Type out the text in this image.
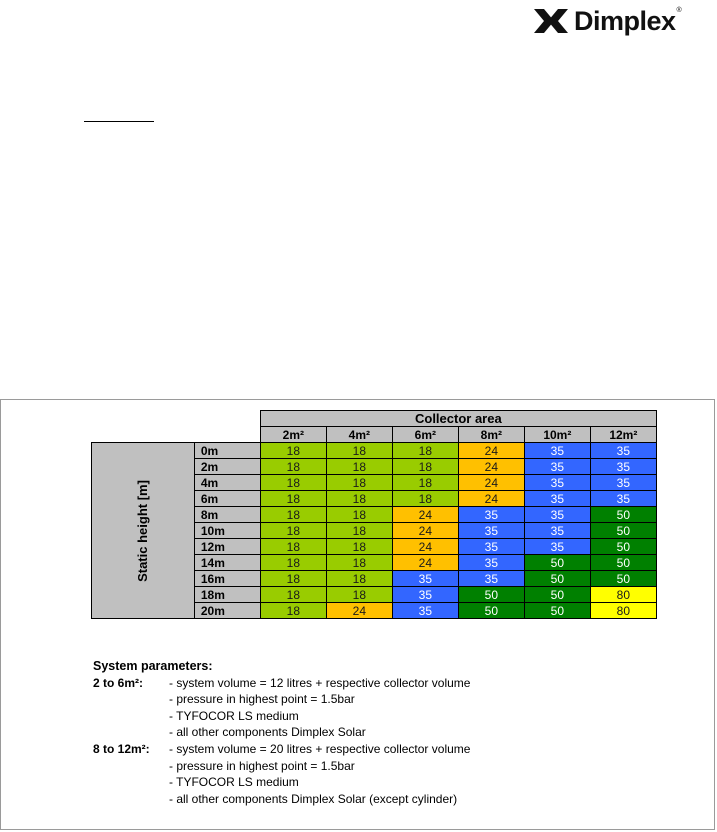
Dimplex ®
		Collector area					
		2m²	4m²	6m²	8m²	10m²	12m²
Static height [m]	0m	18	18	18	24	35	35
	2m	18	18	18	24	35	35
	4m	18	18	18	24	35	35
	6m	18	18	18	24	35	35
	8m	18	18	24	35	35	50
	10m	18	18	24	35	35	50
	12m	18	18	24	35	35	50
	14m	18	18	24	35	50	50
	16m	18	18	35	35	50	50
	18m	18	18	35	50	50	80
	20m	18	24	35	50	50	80
System parameters:
2 to 6m²:	- system volume = 12 litres + respective collector volume
- pressure in highest point = 1.5bar
- TYFOCOR LS medium
- all other components Dimplex Solar
8 to 12m²:	- system volume = 20 litres + respective collector volume
- pressure in highest point = 1.5bar
- TYFOCOR LS medium
- all other components Dimplex Solar (except cylinder)
